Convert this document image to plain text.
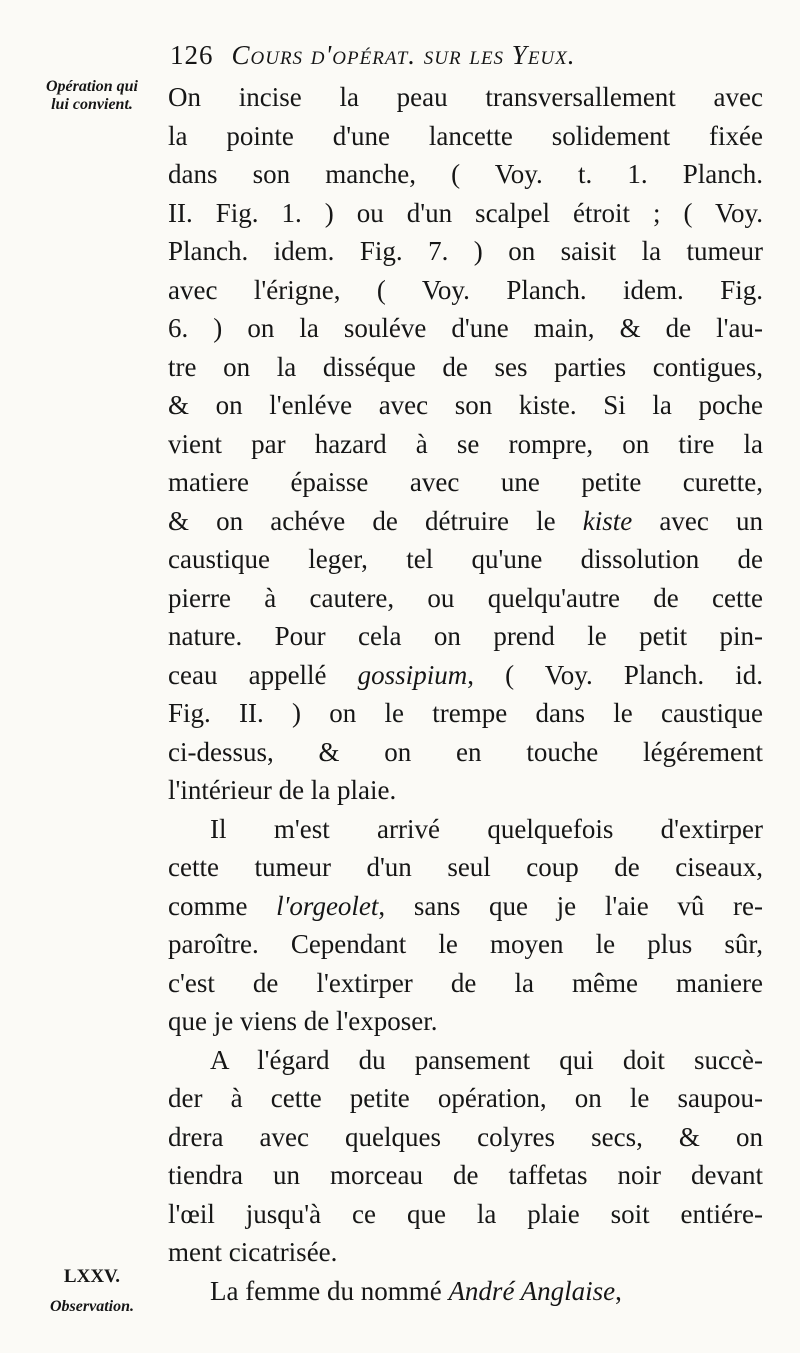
126 Cours d'opérat. sur les Yeux.
Opération qui
lui convient.
LXXV.
Observation.
On incise la peau transversallement avec
la pointe d'une lancette solidement fixée
dans son manche, ( Voy. t. 1. Planch.
II. Fig. 1. ) ou d'un scalpel étroit ; ( Voy.
Planch. idem. Fig. 7. ) on saisit la tumeur
avec l'érigne, ( Voy. Planch. idem. Fig.
6. ) on la souléve d'une main, & de l'au-
tre on la disséque de ses parties contigues,
& on l'enléve avec son kiste. Si la poche
vient par hazard à se rompre, on tire la
matiere épaisse avec une petite curette,
& on achéve de détruire le kiste avec un
caustique leger, tel qu'une dissolution de
pierre à cautere, ou quelqu'autre de cette
nature. Pour cela on prend le petit pin-
ceau appellé gossipium, ( Voy. Planch. id.
Fig. II. ) on le trempe dans le caustique
ci-dessus, & on en touche légérement
l'intérieur de la plaie.
Il m'est arrivé quelquefois d'extirper
cette tumeur d'un seul coup de ciseaux,
comme l'orgeolet, sans que je l'aie vû re-
paroître. Cependant le moyen le plus sûr,
c'est de l'extirper de la même maniere
que je viens de l'exposer.
A l'égard du pansement qui doit succè-
der à cette petite opération, on le saupou-
drera avec quelques colyres secs, & on
tiendra un morceau de taffetas noir devant
l'œil jusqu'à ce que la plaie soit entiére-
ment cicatrisée.
La femme du nommé André Anglaise,
